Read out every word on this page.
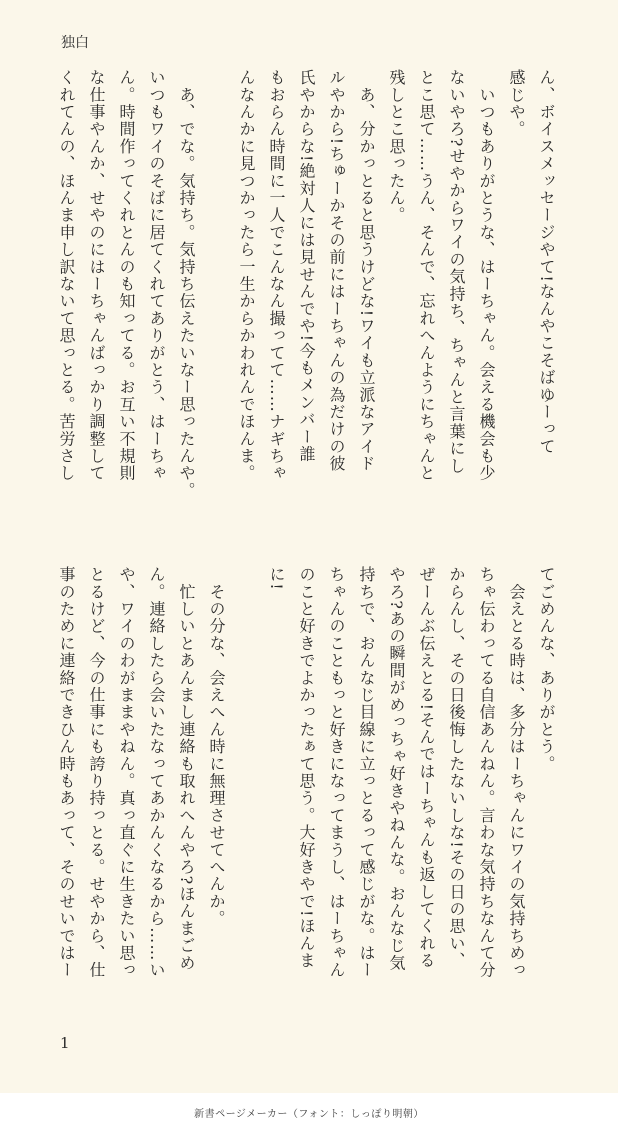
独白

ん、ボイスメッセージやて!なんやこそばゆーって
感じや。

　いつもありがとうな、はーちゃん。会える機会も少
ないやろ?せやからワイの気持ち、ちゃんと言葉にし
とこ思て……うん、そんで、忘れへんようにちゃんと
残しとこ思ったん。

　あ、分かっとると思うけどな!ワイも立派なアイド
ルやから!ちゅーかその前にはーちゃんの為だけの彼
氏やからな!絶対人には見せんでや!今もメンバー誰
もおらん時間に一人でこんなん撮ってて……ナギちゃ
んなんかに見つかったら一生からかわれんでほんま。

　あ、でな。気持ち。気持ち伝えたいなー思ったんや。
いつもワイのそばに居てくれてありがとう、はーちゃ
ん。時間作ってくれとんのも知ってる。お互い不規則
な仕事やんか、せやのにはーちゃんばっかり調整して
くれてんの、ほんま申し訳ないて思っとる。苦労さし

てごめんな、ありがとう。

　会えとる時は、多分はーちゃんにワイの気持ちめっ
ちゃ伝わってる自信あんねん。言わな気持ちなんて分
からんし、その日後悔したないしな!その日の思い、
ぜーんぶ伝えとる!そんではーちゃんも返してくれる
やろ?あの瞬間がめっちゃ好きやねんな。おんなじ気
持ちで、おんなじ目線に立っとるって感じがな。はー
ちゃんのこともっと好きになってまうし、はーちゃん
のこと好きでよかったぁて思う。大好きやで!ほんま
に!

　その分な、会えへん時に無理させてへんか。
　忙しいとあんまし連絡も取れへんやろ?ほんまごめ
ん。連絡したら会いたなってあかんくなるから……い
や、ワイのわがままやねん。真っ直ぐに生きたい思っ
とるけど、今の仕事にも誇り持っとる。せやから、仕
事のために連絡できひん時もあって、そのせいではー

1
新書ページメーカー（フォント：しっぽり明朝）
